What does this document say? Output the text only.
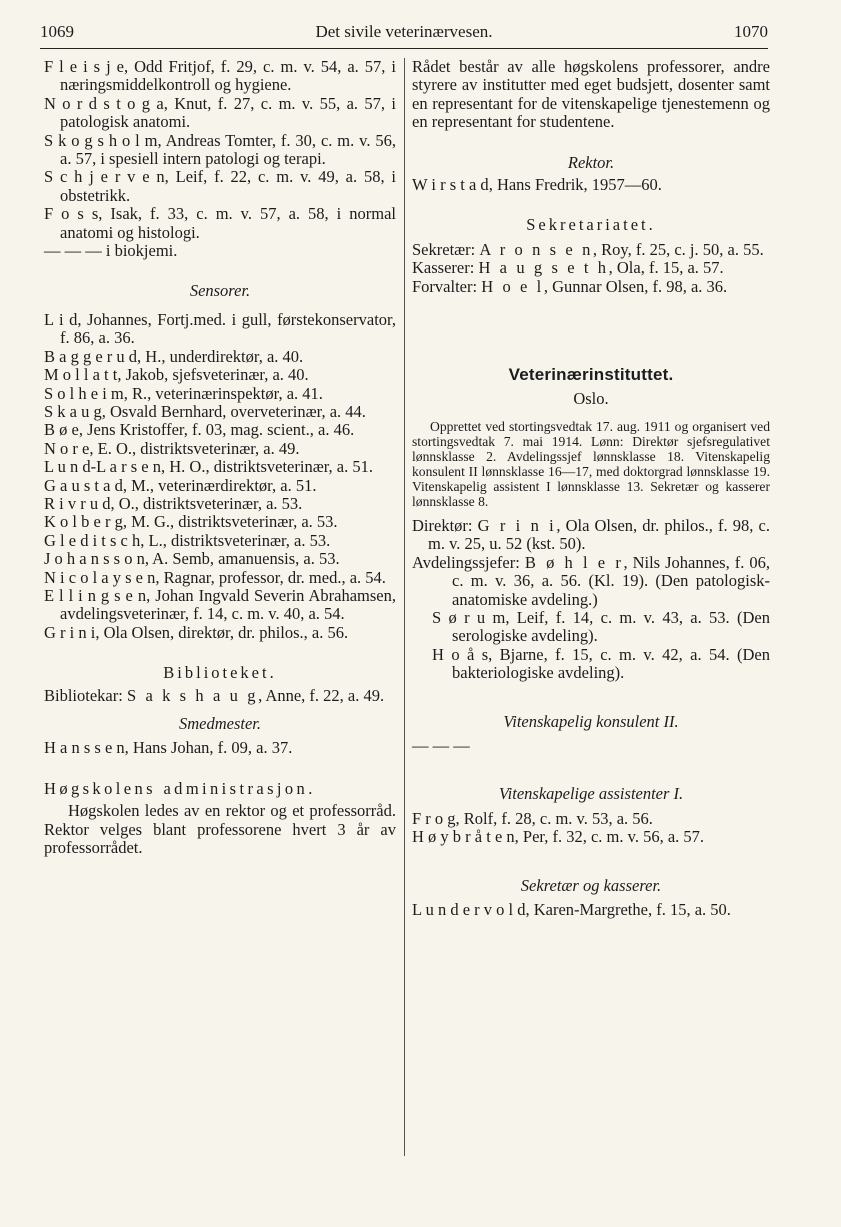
1069	Det sivile veterinærvesen.	1070

F l e i s j e, Odd Fritjof, f. 29, c. m. v. 54, a. 57, i næringsmiddelkontroll og hygiene.

N o r d s t o g a, Knut, f. 27, c. m. v. 55, a. 57, i patologisk anatomi.

S k o g s h o l m, Andreas Tomter, f. 30, c. m. v. 56, a. 57, i spesiell intern patologi og terapi.

S c h j e r v e n, Leif, f. 22, c. m. v. 49, a. 58, i obstetrikk.

F o s s, Isak, f. 33, c. m. v. 57, a. 58, i normal anatomi og histologi.

— — — i biokjemi.

Sensorer.

L i d, Johannes, Fortj.med. i gull, førstekonservator, f. 86, a. 36.

B a g g e r u d, H., underdirektør, a. 40.

M o l l a t t, Jakob, sjefsveterinær, a. 40.

S o l h e i m, R., veterinærinspektør, a. 41.

S k a u g, Osvald Bernhard, overveterinær, a. 44.

B ø e, Jens Kristoffer, f. 03, mag. scient., a. 46.

N o r e, E. O., distriktsveterinær, a. 49.

L u n d-L a r s e n, H. O., distriktsveterinær, a. 51.

G a u s t a d, M., veterinærdirektør, a. 51.

R i v r u d, O., distriktsveterinær, a. 53.

K o l b e r g, M. G., distriktsveterinær, a. 53.

G l e d i t s c h, L., distriktsveterinær, a. 53.

J o h a n s s o n, A. Semb, amanuensis, a. 53.

N i c o l a y s e n, Ragnar, professor, dr. med., a. 54.

E l l i n g s e n, Johan Ingvald Severin Abrahamsen, avdelingsveterinær, f. 14, c. m. v. 40, a. 54.

G r i n i, Ola Olsen, direktør, dr. philos., a. 56.

Biblioteket.

Bibliotekar: S a k s h a u g, Anne, f. 22, a. 49.

Smedmester.

H a n s s e n, Hans Johan, f. 09, a. 37.

Høgskolens administrasjon.

Høgskolen ledes av en rektor og et professorråd. Rektor velges blant professorene hvert 3 år av professorrådet.

Rådet består av alle høgskolens professorer, andre styrere av institutter med eget budsjett, dosenter samt en representant for de vitenskapelige tjenestemenn og en representant for studentene.

Rektor.

W i r s t a d, Hans Fredrik, 1957—60.

Sekretariatet.

Sekretær: A r o n s e n, Roy, f. 25, c. j. 50, a. 55.

Kasserer: H a u g s e t h, Ola, f. 15, a. 57.

Forvalter: H o e l, Gunnar Olsen, f. 98, a. 36.

Veterinærinstituttet.

Oslo.

Opprettet ved stortingsvedtak 17. aug. 1911 og organisert ved stortingsvedtak 7. mai 1914. Lønn: Direktør sjefsregulativet lønnsklasse 2. Avdelingssjef lønnsklasse 18. Vitenskapelig konsulent II lønnsklasse 16—17, med doktorgrad lønnsklasse 19. Vitenskapelig assistent I lønnsklasse 13. Sekretær og kasserer lønnsklasse 8.

Direktør: G r i n i, Ola Olsen, dr. philos., f. 98, c. m. v. 25, u. 52 (kst. 50).

Avdelingssjefer: B ø h l e r, Nils Johannes, f. 06, c. m. v. 36, a. 56. (Kl. 19). (Den patologisk-anatomiske avdeling.)

S ø r u m, Leif, f. 14, c. m. v. 43, a. 53. (Den serologiske avdeling).

H o å s, Bjarne, f. 15, c. m. v. 42, a. 54. (Den bakteriologiske avdeling).

Vitenskapelig konsulent II.

— — —

Vitenskapelige assistenter I.

F r o g, Rolf, f. 28, c. m. v. 53, a. 56.

H ø y b r å t e n, Per, f. 32, c. m. v. 56, a. 57.

Sekretær og kasserer.

L u n d e r v o l d, Karen-Margrethe, f. 15, a. 50.
